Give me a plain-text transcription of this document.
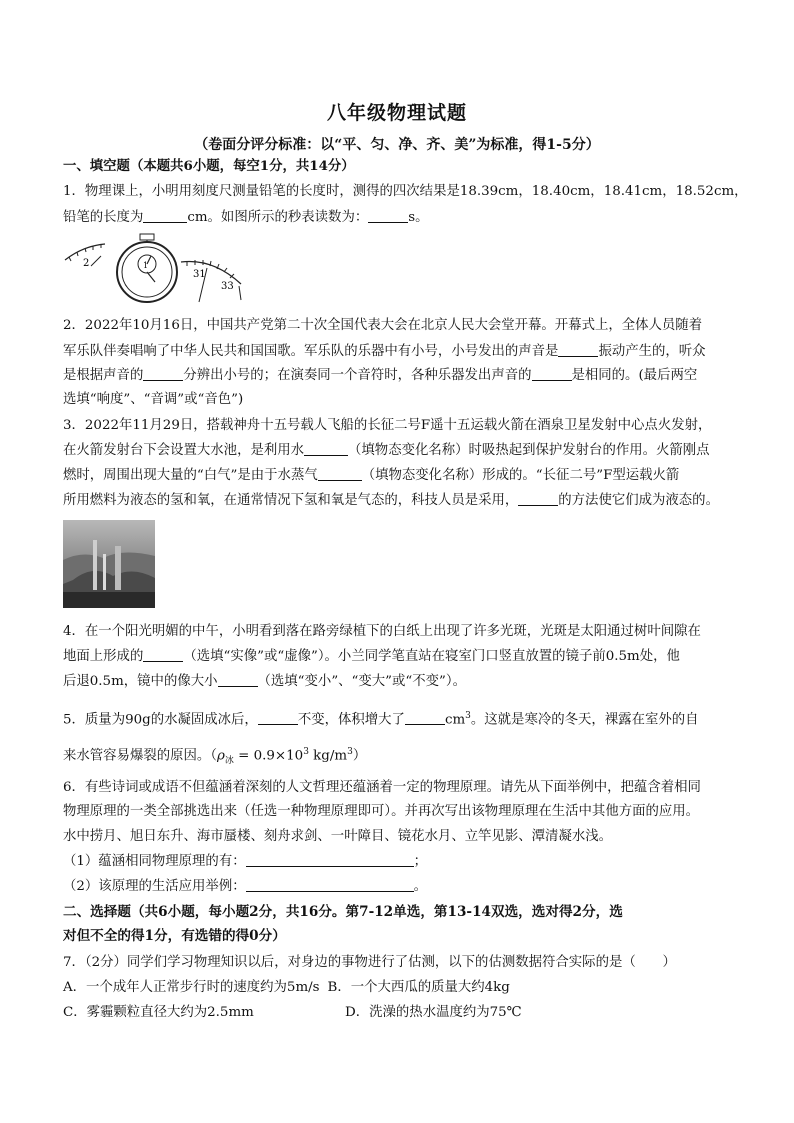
八年级物理试题
（卷面分评分标准：以“平、匀、净、齐、美”为标准，得1-5分）
一、填空题（本题共6小题，每空1分，共14分）
1．物理课上，小明用刻度尺测量铅笔的长度时，测得的四次结果是18.39cm，18.40cm，18.41cm，18.52cm，
铅笔的长度为	cm。如图所示的秒表读数为：	s。
2	1
31
33
2．2022年10月16日，中国共产党第二十次全国代表大会在北京人民大会堂开幕。开幕式上，全体人员随着
军乐队伴奏唱响了中华人民共和国国歌。军乐队的乐器中有小号，小号发出的声音是	振动产生的，听众
是根据声音的	分辨出小号的；在演奏同一个音符时，各种乐器发出声音的	是相同的。(最后两空
选填“响度”、“音调”或“音色”)
3．2022年11月29日，搭载神舟十五号载人飞船的长征二号F遥十五运载火箭在酒泉卫星发射中心点火发射，
在火箭发射台下会设置大水池，是利用水	（填物态变化名称）时吸热起到保护发射台的作用。火箭刚点
燃时，周围出现大量的“白气”是由于水蒸气	（填物态变化名称）形成的。“长征二号”F型运载火箭
所用燃料为液态的氢和氧，在通常情况下氢和氧是气态的，科技人员是采用，	的方法使它们成为液态的。
4．在一个阳光明媚的中午，小明看到落在路旁绿植下的白纸上出现了许多光斑，光斑是太阳通过树叶间隙在
地面上形成的	（选填“实像”或“虚像”）。小兰同学笔直站在寝室门口竖直放置的镜子前0.5m处，他
后退0.5m，镜中的像大小	（选填“变小”、“变大”或“不变”）。
5．质量为90g的水凝固成冰后，	不变，体积增大了	$cm^3$。这就是寒冷的冬天，裸露在室外的自
来水管容易爆裂的原因。（$\rho_冰 = 0.9\times 10^3$ $kg/m^3$）
6．有些诗词或成语不但蕴涵着深刻的人文哲理还蕴涵着一定的物理原理。请先从下面举例中，把蕴含着相同
物理原理的一类全部挑选出来（任选一种物理原理即可）。并再次写出该物理原理在生活中其他方面的应用。
水中捞月、旭日东升、海市蜃楼、刻舟求剑、一叶障目、镜花水月、立竿见影、潭清凝水浅。
（1）蕴涵相同物理原理的有：	；
（2）该原理的生活应用举例：	。
二、选择题（共6小题，每小题2分，共16分。第7-12单选，第13-14双选，选对得2分，选
对但不全的得1分，有选错的得0分）
7．（2分）同学们学习物理知识以后，对身边的事物进行了估测，以下的估测数据符合实际的是（　　）
A．一个成年人正常步行时的速度约为5m/s B．一个大西瓜的质量大约4kg
C．雾霾颗粒直径大约为2.5mm	D．洗澡的热水温度约为75℃
